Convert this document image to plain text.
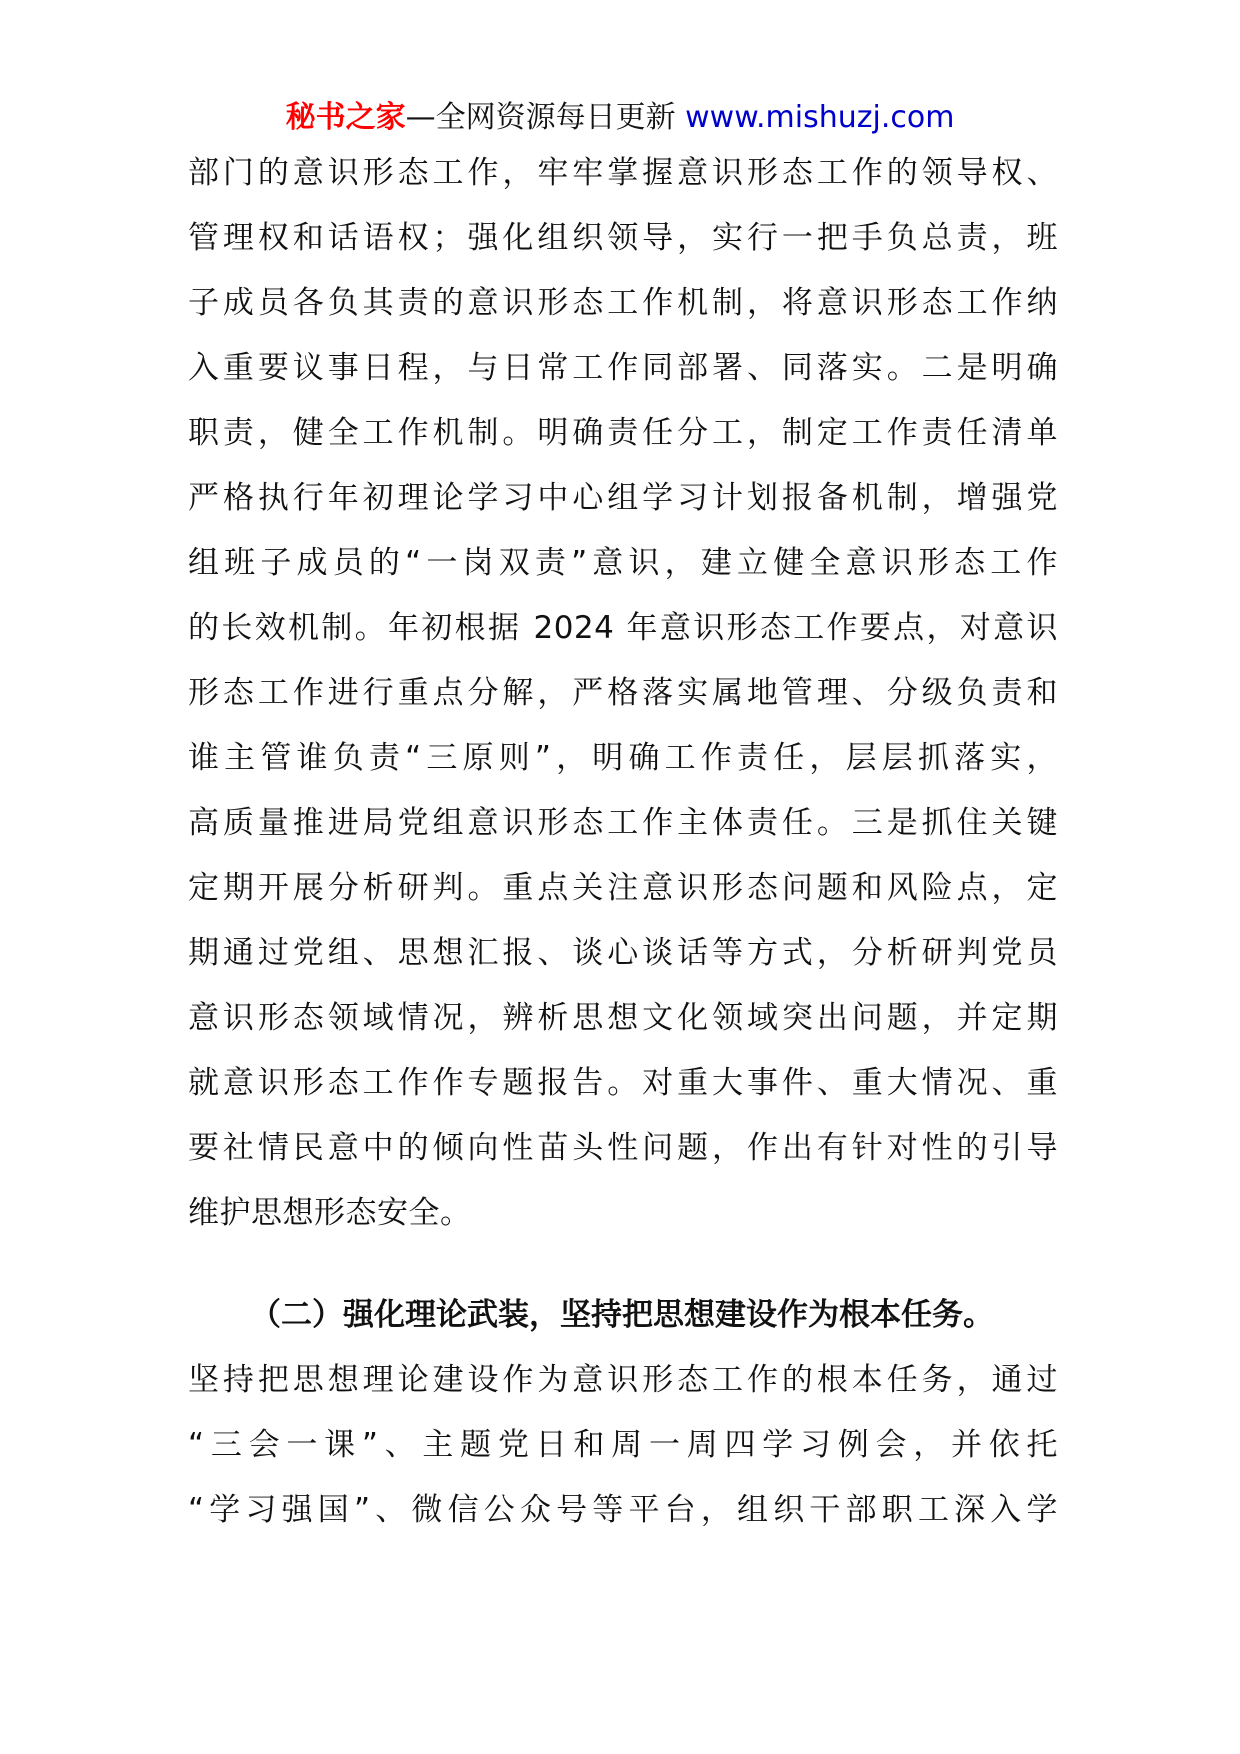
秘书之家—全网资源每日更新 www.mishuzj.com
部门的意识形态工作，牢牢掌握意识形态工作的领导权、
管理权和话语权；强化组织领导，实行一把手负总责，班
子成员各负其责的意识形态工作机制，将意识形态工作纳
入重要议事日程，与日常工作同部署、同落实。二是明确
职责，健全工作机制。明确责任分工，制定工作责任清单
严格执行年初理论学习中心组学习计划报备机制，增强党
组班子成员的“一岗双责”意识，建立健全意识形态工作
的长效机制。年初根据 2024 年意识形态工作要点，对意识
形态工作进行重点分解，严格落实属地管理、分级负责和
谁主管谁负责“三原则”，明确工作责任，层层抓落实，
高质量推进局党组意识形态工作主体责任。三是抓住关键
定期开展分析研判。重点关注意识形态问题和风险点，定
期通过党组、思想汇报、谈心谈话等方式，分析研判党员
意识形态领域情况，辨析思想文化领域突出问题，并定期
就意识形态工作作专题报告。对重大事件、重大情况、重
要社情民意中的倾向性苗头性问题，作出有针对性的引导
维护思想形态安全。
（二）强化理论武装，坚持把思想建设作为根本任务。
坚持把思想理论建设作为意识形态工作的根本任务，通过
“三会一课”、主题党日和周一周四学习例会，并依托
“学习强国”、微信公众号等平台，组织干部职工深入学
